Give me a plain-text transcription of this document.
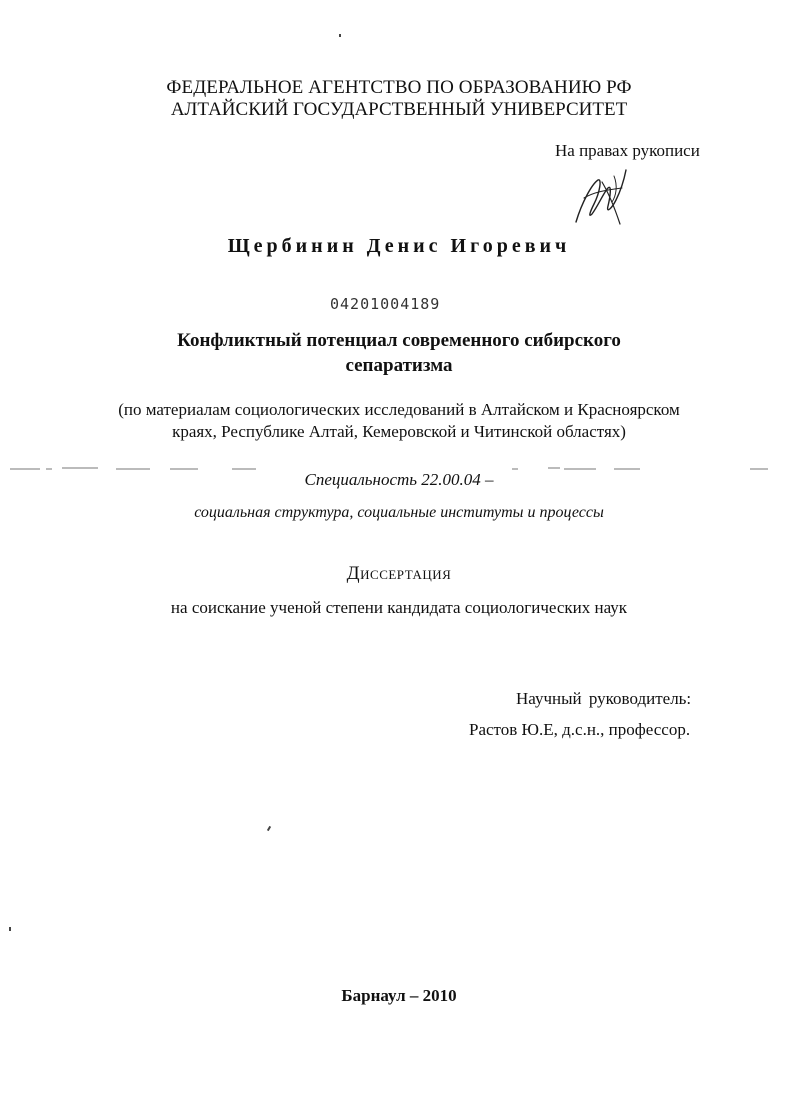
ФЕДЕРАЛЬНОЕ АГЕНТСТВО ПО ОБРАЗОВАНИЮ РФ
АЛТАЙСКИЙ ГОСУДАРСТВЕННЫЙ УНИВЕРСИТЕТ
На правах рукописи
Щербинин Денис Игоревич
04201004189
Конфликтный потенциал современного сибирского
сепаратизма
(по материалам социологических исследований в Алтайском и Красноярском
краях, Республике Алтай, Кемеровской и Читинской областях)
Специальность 22.00.04 –
социальная структура, социальные институты и процессы
Диссертация
на соискание ученой степени кандидата социологических наук
Научный руководитель:
Растов Ю.Е, д.с.н., профессор.
Барнаул – 2010
